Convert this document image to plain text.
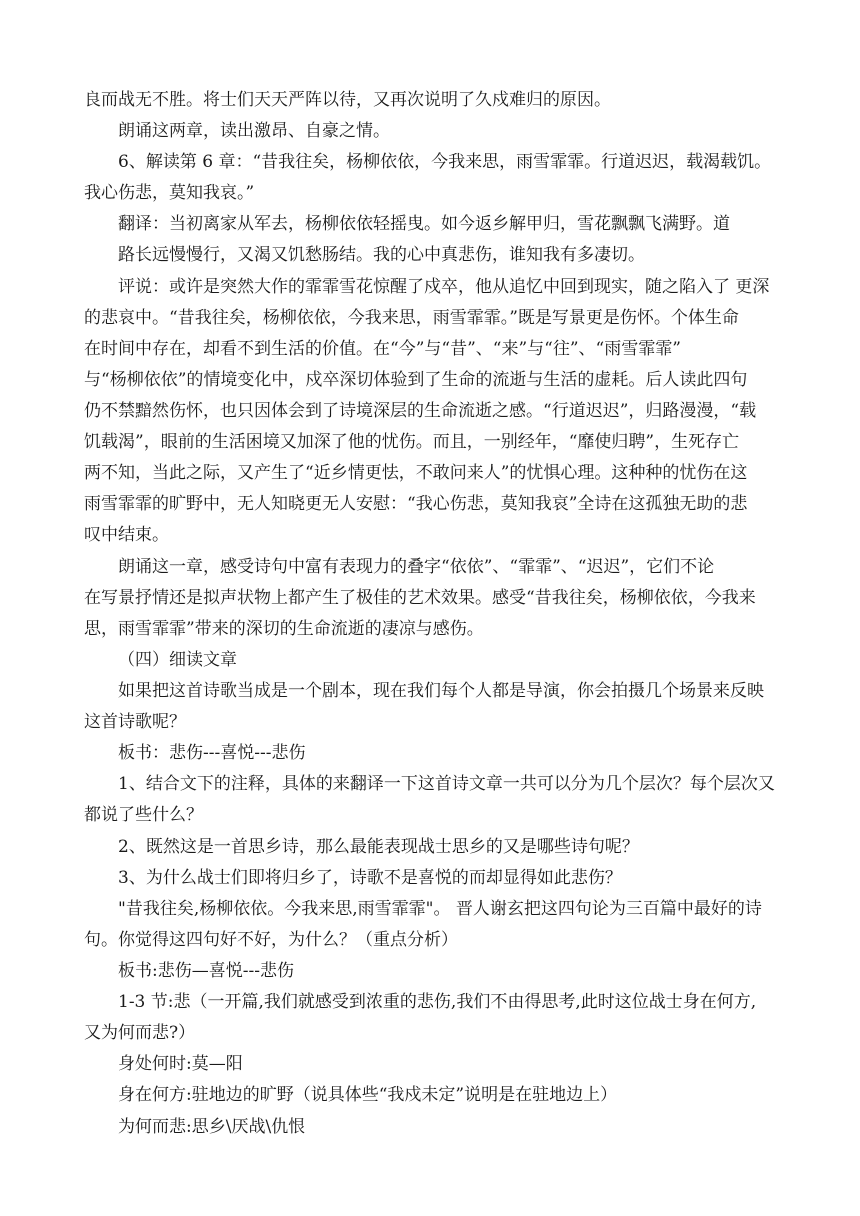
良而战无不胜。将士们天天严阵以待，又再次说明了久戍难归的原因。
朗诵这两章，读出激昂、自豪之情。
6、解读第 6 章：“昔我往矣，杨柳依依，今我来思，雨雪霏霏。行道迟迟，载渴载饥。
我心伤悲，莫知我哀。”
翻译：当初离家从军去，杨柳依依轻摇曳。如今返乡解甲归，雪花飘飘飞满野。道
路长远慢慢行，又渴又饥愁肠结。我的心中真悲伤，谁知我有多凄切。
评说：或许是突然大作的霏霏雪花惊醒了戍卒，他从追忆中回到现实，随之陷入了 更深
的悲哀中。“昔我往矣，杨柳依依，今我来思，雨雪霏霏。”既是写景更是伤怀。个体生命
在时间中存在，却看不到生活的价值。在“今”与“昔”、“来”与“往”、“雨雪霏霏”
与“杨柳依依”的情境变化中，戍卒深切体验到了生命的流逝与生活的虚耗。后人读此四句
仍不禁黯然伤怀，也只因体会到了诗境深层的生命流逝之感。“行道迟迟”，归路漫漫，“载
饥载渴”，眼前的生活困境又加深了他的忧伤。而且，一别经年，“靡使归聘”，生死存亡
两不知，当此之际，又产生了“近乡情更怯，不敢问来人”的忧惧心理。这种种的忧伤在这
雨雪霏霏的旷野中，无人知晓更无人安慰：“我心伤悲，莫知我哀”全诗在这孤独无助的悲
叹中结束。
朗诵这一章，感受诗句中富有表现力的叠字“依依”、“霏霏”、“迟迟”，它们不论
在写景抒情还是拟声状物上都产生了极佳的艺术效果。感受“昔我往矣，杨柳依依，今我来
思，雨雪霏霏”带来的深切的生命流逝的凄凉与感伤。
（四）细读文章
如果把这首诗歌当成是一个剧本，现在我们每个人都是导演，你会拍摄几个场景来反映
这首诗歌呢？
板书：悲伤---喜悦---悲伤
1、结合文下的注释，具体的来翻译一下这首诗文章一共可以分为几个层次？每个层次又
都说了些什么？
2、既然这是一首思乡诗，那么最能表现战士思乡的又是哪些诗句呢？
3、为什么战士们即将归乡了，诗歌不是喜悦的而却显得如此悲伤？
"昔我往矣,杨柳依依。今我来思,雨雪霏霏"。 晋人谢玄把这四句论为三百篇中最好的诗
句。你觉得这四句好不好，为什么？（重点分析）
板书:悲伤—喜悦---悲伤
1-3 节:悲（一开篇,我们就感受到浓重的悲伤,我们不由得思考,此时这位战士身在何方,
又为何而悲?）
身处何时:莫—阳
身在何方:驻地边的旷野（说具体些“我戍未定”说明是在驻地边上）
为何而悲:思乡\厌战\仇恨
